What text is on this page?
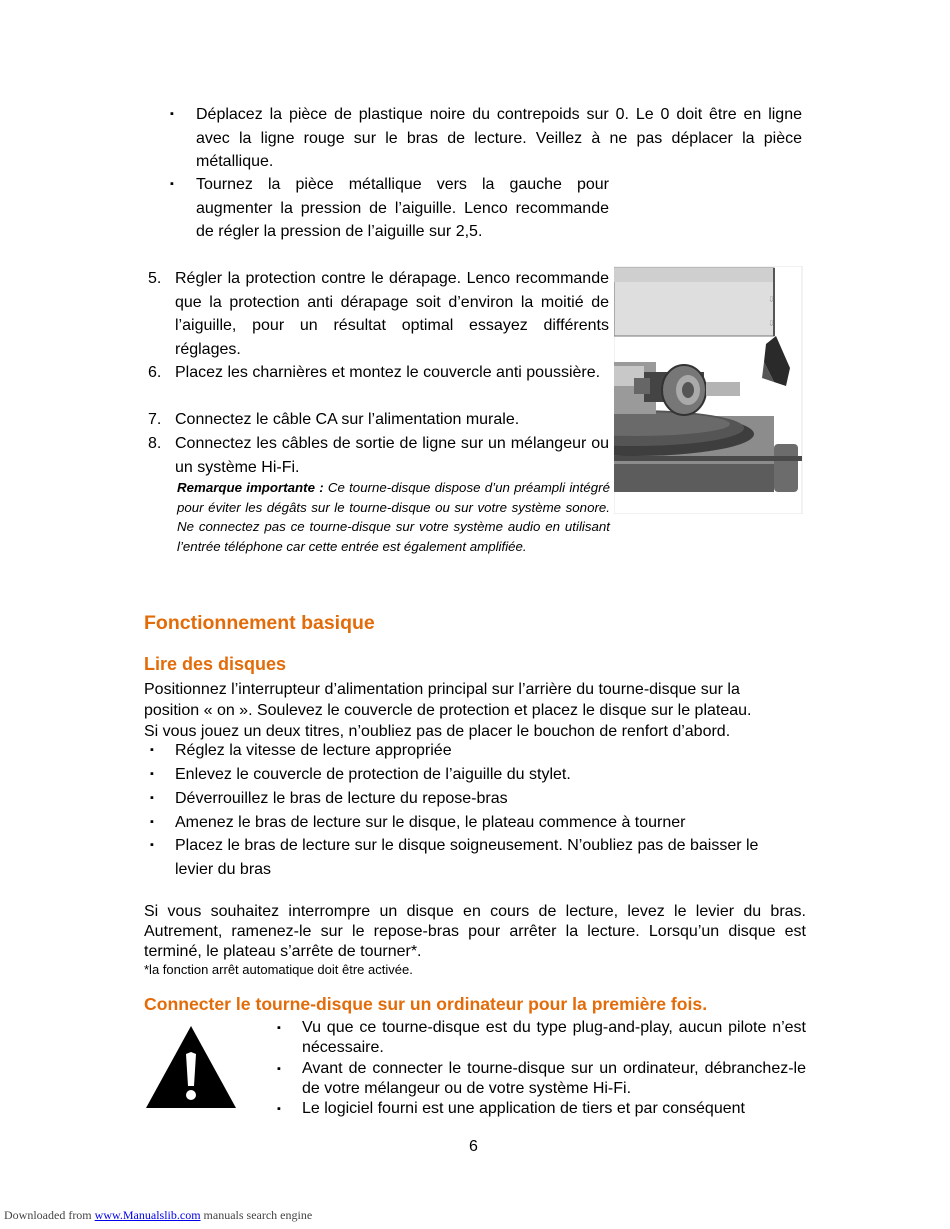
▪ Déplacez la pièce de plastique noire du contrepoids sur 0. Le 0 doit être en ligne avec la ligne rouge sur le bras de lecture. Veillez à ne pas déplacer la pièce métallique.
▪ Tournez la pièce métallique vers la gauche pour augmenter la pression de l’aiguille. Lenco recommande de régler la pression de l’aiguille sur 2,5.
5. Régler la protection contre le dérapage. Lenco recommande que la protection anti dérapage soit d’environ la moitié de l’aiguille, pour un résultat optimal essayez différents réglages.
6. Placez les charnières et montez le couvercle anti poussière.
7. Connectez le câble CA sur l’alimentation murale.
8. Connectez les câbles de sortie de ligne sur un mélangeur ou un système Hi-Fi.
Remarque importante : Ce tourne-disque dispose d’un préampli intégré pour éviter les dégâts sur le tourne-disque ou sur votre système sonore. Ne connectez pas ce tourne-disque sur votre système audio en utilisant l’entrée téléphone car cette entrée est également amplifiée.
⇩
⇩
Fonctionnement basique
Lire des disques
Positionnez l’interrupteur d’alimentation principal sur l’arrière du tourne-disque sur la
position « on ». Soulevez le couvercle de protection et placez le disque sur le plateau.
Si vous jouez un deux titres, n’oubliez pas de placer le bouchon de renfort d’abord.
▪ Réglez la vitesse de lecture appropriée
▪ Enlevez le couvercle de protection de l’aiguille du stylet.
▪ Déverrouillez le bras de lecture du repose-bras
▪ Amenez le bras de lecture sur le disque, le plateau commence à tourner
▪ Placez le bras de lecture sur le disque soigneusement. N’oubliez pas de baisser le levier du bras
Si vous souhaitez interrompre un disque en cours de lecture, levez le levier du bras. Autrement, ramenez-le sur le repose-bras pour arrêter la lecture. Lorsqu’un disque est terminé, le plateau s’arrête de tourner*.
*la fonction arrêt automatique doit être activée.
Connecter le tourne-disque sur un ordinateur pour la première fois.
▪ Vu que ce tourne-disque est du type plug-and-play, aucun pilote n’est nécessaire.
▪ Avant de connecter le tourne-disque sur un ordinateur, débranchez-le de votre mélangeur ou de votre système Hi-Fi.
▪ Le logiciel fourni est une application de tiers et par conséquent
6
Downloaded from www.Manualslib.com manuals search engine
